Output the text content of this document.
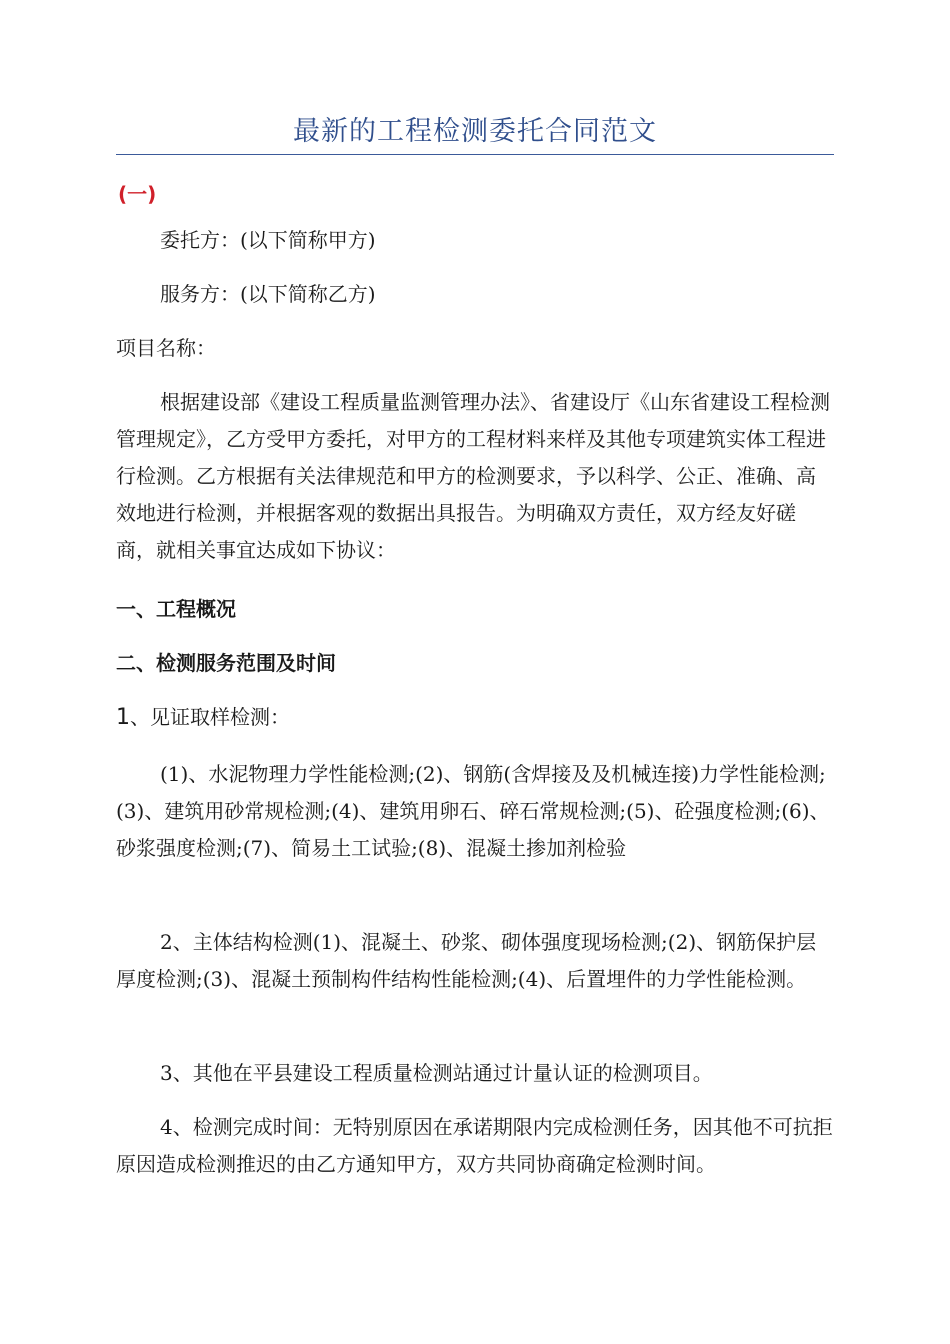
最新的工程检测委托合同范文
(一)

委托方：(以下简称甲方)

服务方：(以下简称乙方)

项目名称：

根据建设部《建设工程质量监测管理办法》、省建设厅《山东省建设工程检测管理规定》，乙方受甲方委托，对甲方的工程材料来样及其他专项建筑实体工程进行检测。乙方根据有关法律规范和甲方的检测要求，予以科学、公正、准确、高效地进行检测，并根据客观的数据出具报告。为明确双方责任，双方经友好磋商，就相关事宜达成如下协议：

一、工程概况
二、检测服务范围及时间

1、见证取样检测：

(1)、水泥物理力学性能检测;(2)、钢筋(含焊接及及机械连接)力学性能检测;(3)、建筑用砂常规检测;(4)、建筑用卵石、碎石常规检测;(5)、砼强度检测;(6)、砂浆强度检测;(7)、简易土工试验;(8)、混凝土掺加剂检验

2、主体结构检测(1)、混凝土、砂浆、砌体强度现场检测;(2)、钢筋保护层厚度检测;(3)、混凝土预制构件结构性能检测;(4)、后置埋件的力学性能检测。

3、其他在平县建设工程质量检测站通过计量认证的检测项目。

4、检测完成时间：无特别原因在承诺期限内完成检测任务，因其他不可抗拒原因造成检测推迟的由乙方通知甲方，双方共同协商确定检测时间。
